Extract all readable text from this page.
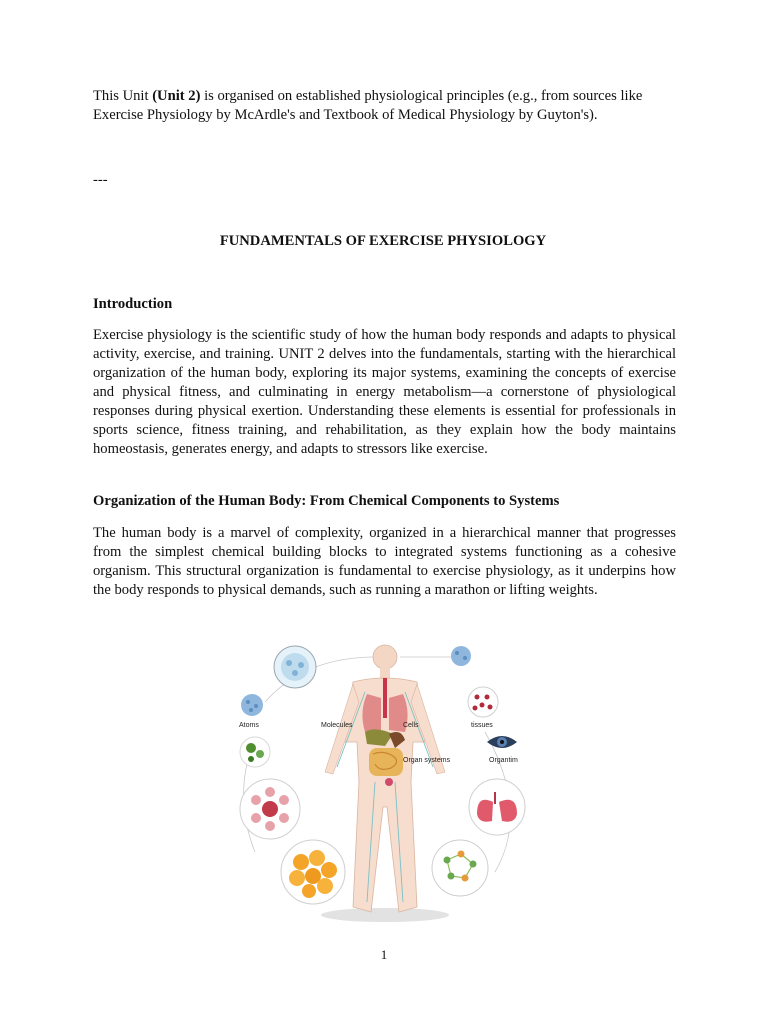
This Unit (Unit 2) is organised on established physiological principles (e.g., from sources like Exercise Physiology by McArdle's and Textbook of Medical Physiology by Guyton's).
---
FUNDAMENTALS OF EXERCISE PHYSIOLOGY
Introduction
Exercise physiology is the scientific study of how the human body responds and adapts to physical activity, exercise, and training. UNIT 2 delves into the fundamentals, starting with the hierarchical organization of the human body, exploring its major systems, examining the concepts of exercise and physical fitness, and culminating in energy metabolism—a cornerstone of physiological responses during physical exertion. Understanding these elements is essential for professionals in sports science, fitness training, and rehabilitation, as they explain how the body maintains homeostasis, generates energy, and adapts to stressors like exercise.
Organization of the Human Body: From Chemical Components to Systems
The human body is a marvel of complexity, organized in a hierarchical manner that progresses from the simplest chemical building blocks to integrated systems functioning as a cohesive organism. This structural organization is fundamental to exercise physiology, as it underpins how the body responds to physical demands, such as running a marathon or lifting weights.
Atoms	tissues
Organtim
Molecules	Cells
Organ systems
1
